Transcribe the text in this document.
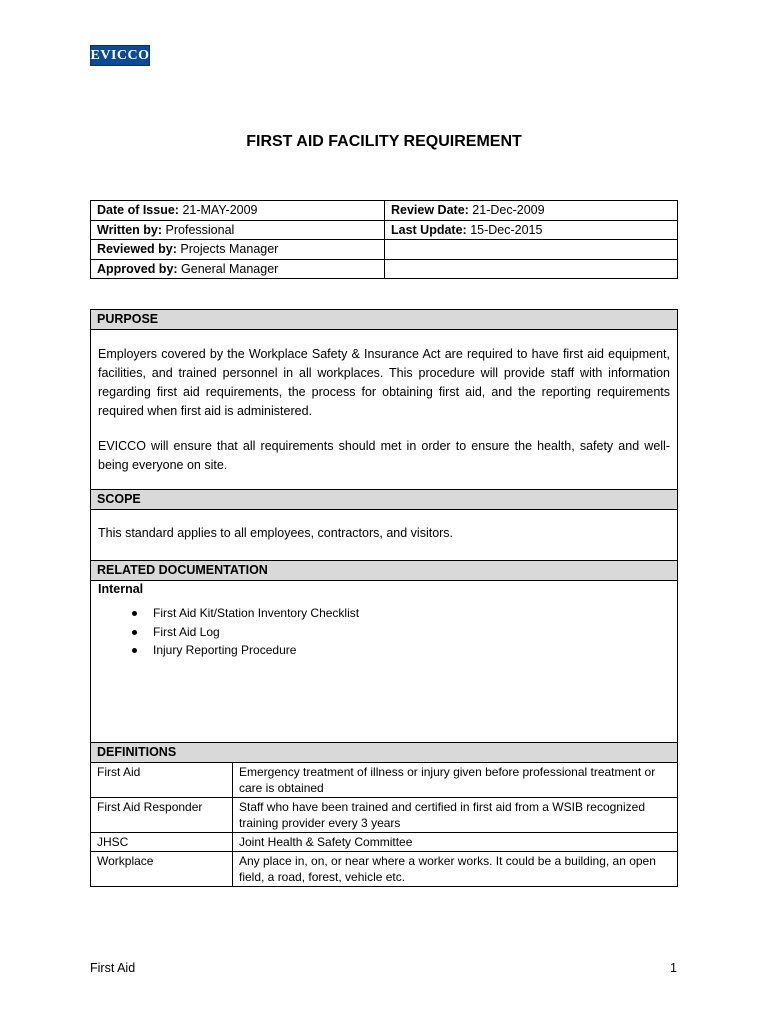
EVICCO
FIRST AID FACILITY REQUIREMENT
Date of Issue: 21-MAY-2009	Review Date: 21-Dec-2009
Written by: Professional	Last Update: 15-Dec-2015
Reviewed by: Projects Manager	
Approved by: General Manager	
PURPOSE

Employers covered by the Workplace Safety & Insurance Act are required to have first aid equipment, facilities, and trained personnel in all workplaces. This procedure will provide staff with information regarding first aid requirements, the process for obtaining first aid, and the reporting requirements required when first aid is administered.

EVICCO will ensure that all requirements should met in order to ensure the health, safety and well-being everyone on site.

SCOPE
This standard applies to all employees, contractors, and visitors.
RELATED DOCUMENTATION

Internal

First Aid Kit/Station Inventory Checklist
First Aid Log
Injury Reporting Procedure
DEFINITIONS
First Aid	Emergency treatment of illness or injury given before professional treatment or care is obtained
First Aid Responder	Staff who have been trained and certified in first aid from a WSIB recognized training provider every 3 years
JHSC	Joint Health & Safety Committee
Workplace	Any place in, on, or near where a worker works. It could be a building, an open field, a road, forest, vehicle etc.
First Aid	1
